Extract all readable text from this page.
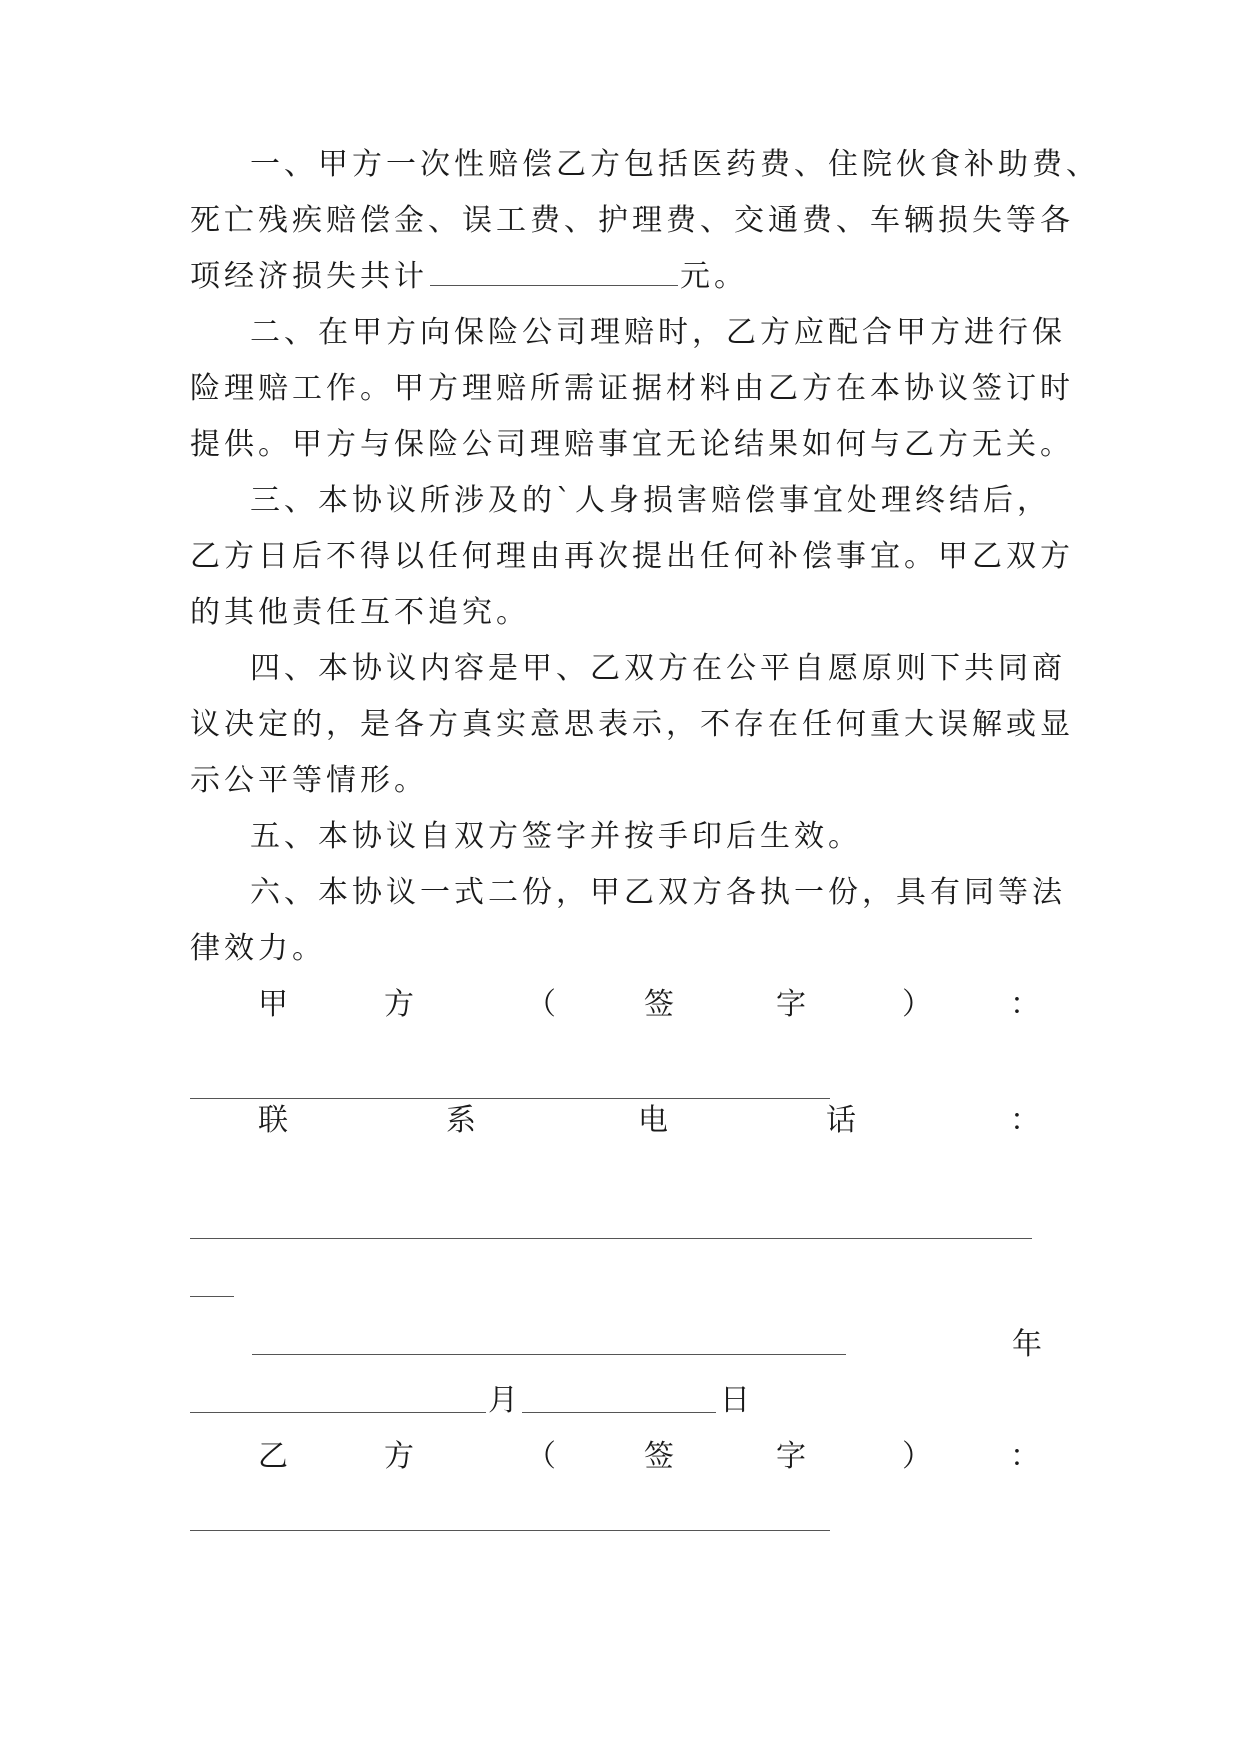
一、甲方一次性赔偿乙方包括医药费、住院伙食补助费、
死亡残疾赔偿金、误工费、护理费、交通费、车辆损失等各
项经济损失共计	元。
二、在甲方向保险公司理赔时，乙方应配合甲方进行保
险理赔工作。甲方理赔所需证据材料由乙方在本协议签订时
提供。甲方与保险公司理赔事宜无论结果如何与乙方无关。
三、本协议所涉及的`人身损害赔偿事宜处理终结后，
乙方日后不得以任何理由再次提出任何补偿事宜。甲乙双方
的其他责任互不追究。
四、本协议内容是甲、乙双方在公平自愿原则下共同商
议决定的，是各方真实意思表示，不存在任何重大误解或显
示公平等情形。
五、本协议自双方签字并按手印后生效。
六、本协议一式二份，甲乙双方各执一份，具有同等法
律效力。
甲	方	（	签	字	）	：
联	系	电	话	：
年
月	日
乙	方	（	签	字	）	：
